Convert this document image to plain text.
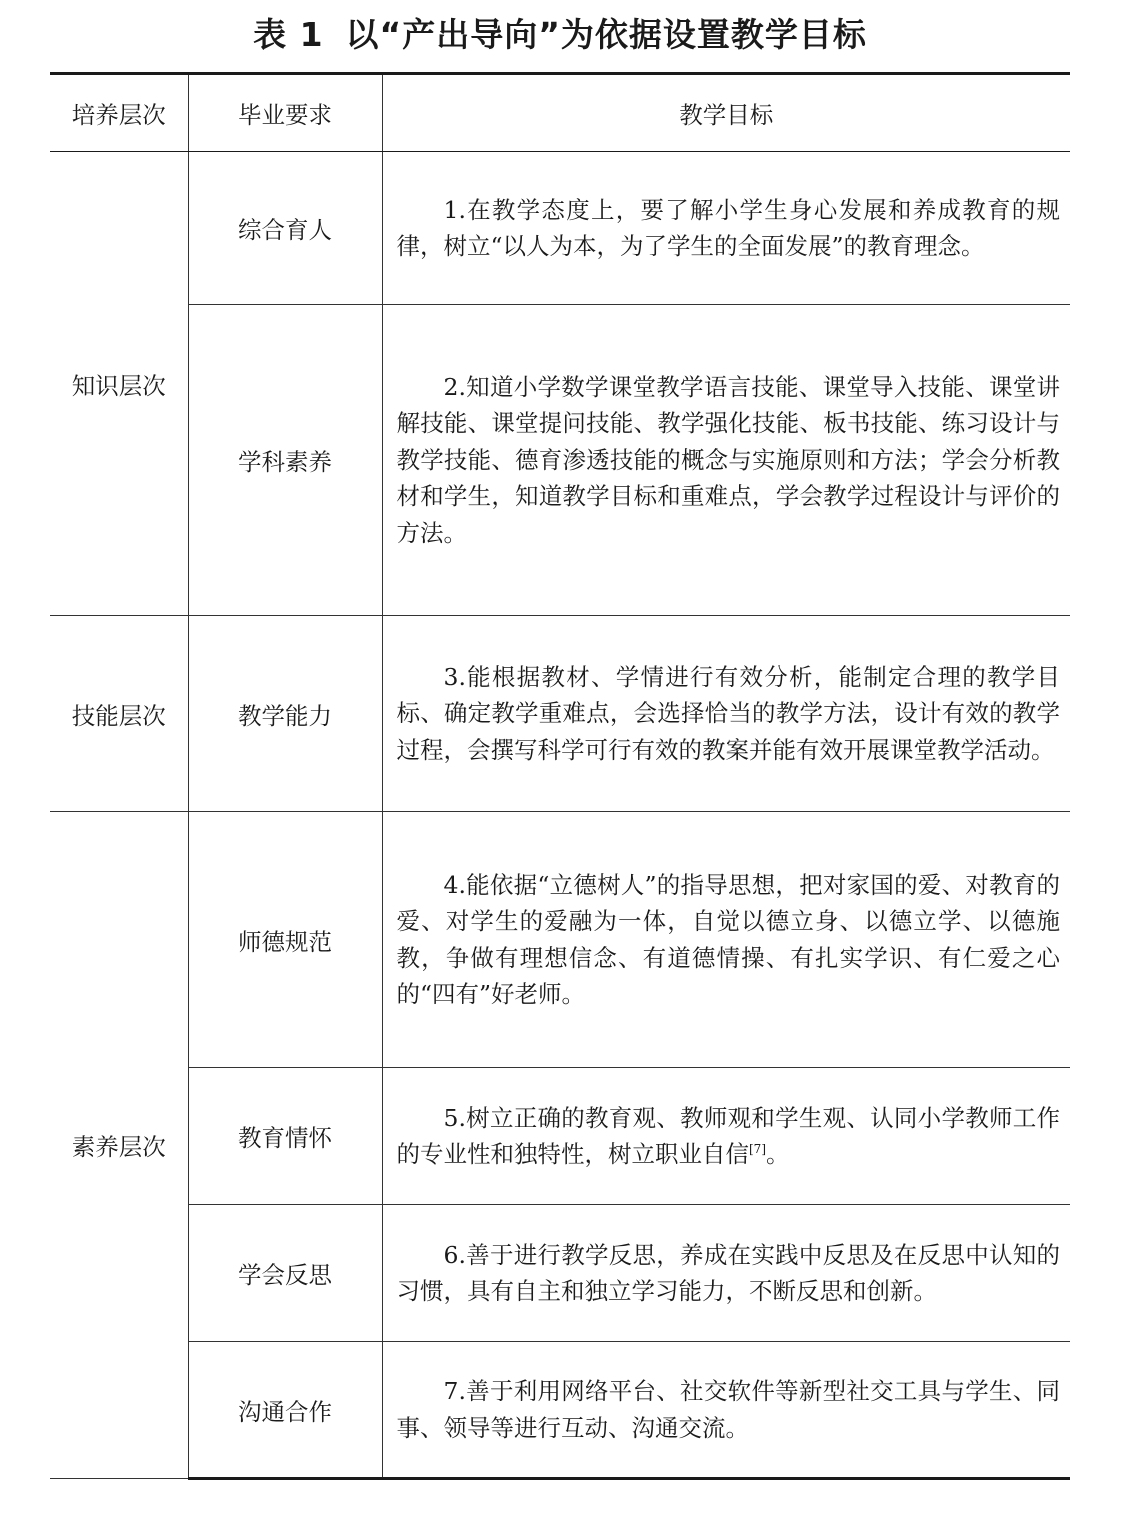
表 1 以“产出导向”为依据设置教学目标
培养层次	毕业要求	教学目标
知识层次	综合育人	1.在教学态度上，要了解小学生身心发展和养成教育的规律，树立“以人为本，为了学生的全面发展”的教育理念。

	学科素养	2.知道小学数学课堂教学语言技能、课堂导入技能、课堂讲解技能、课堂提问技能、教学强化技能、板书技能、练习设计与教学技能、德育渗透技能的概念与实施原则和方法；学会分析教材和学生，知道教学目标和重难点，学会教学过程设计与评价的方法。

技能层次	教学能力	3.能根据教材、学情进行有效分析，能制定合理的教学目标、确定教学重难点，会选择恰当的教学方法，设计有效的教学过程，会撰写科学可行有效的教案并能有效开展课堂教学活动。

素养层次	师德规范	4.能依据“立德树人”的指导思想，把对家国的爱、对教育的爱、对学生的爱融为一体，自觉以德立身、以德立学、以德施教，争做有理想信念、有道德情操、有扎实学识、有仁爱之心的“四有”好老师。

	教育情怀	5.树立正确的教育观、教师观和学生观、认同小学教师工作的专业性和独特性，树立职业自信[7]。

	学会反思	6.善于进行教学反思，养成在实践中反思及在反思中认知的习惯，具有自主和独立学习能力，不断反思和创新。

	沟通合作	7.善于利用网络平台、社交软件等新型社交工具与学生、同事、领导等进行互动、沟通交流。
